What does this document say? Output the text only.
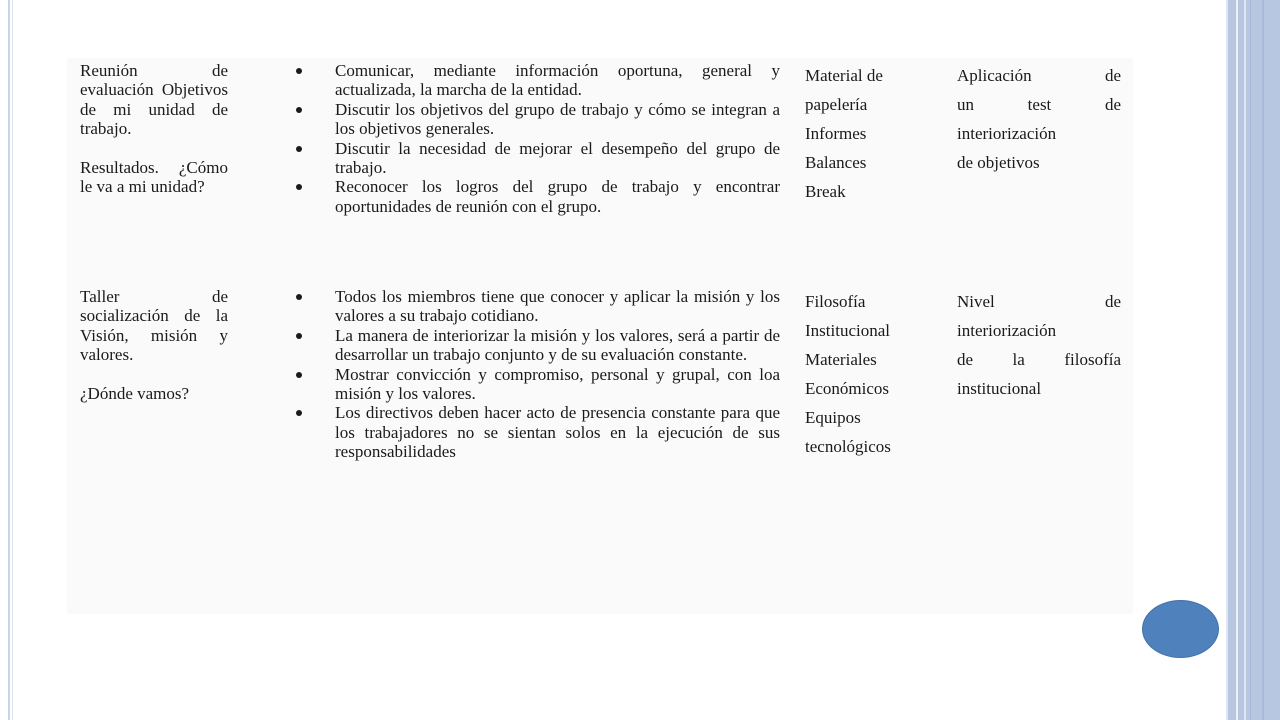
Reunión de evaluación Objetivos de mi unidad de trabajo.

Resultados. ¿Cómo le va a mi unidad?

Comunicar, mediante información oportuna, general y actualizada, la marcha de la entidad.
Discutir los objetivos del grupo de trabajo y cómo se integran a los objetivos generales.
Discutir la necesidad de mejorar el desempeño del grupo de trabajo.
Reconocer los logros del grupo de trabajo y encontrar oportunidades de reunión con el grupo.
Material de
papelería
Informes
Balances
Break
Aplicación de
un test de
interiorización
de objetivos

Taller de socialización de la Visión, misión y valores.

¿Dónde vamos?

Todos los miembros tiene que conocer y aplicar la misión y los valores a su trabajo cotidiano.
La manera de interiorizar la misión y los valores, será a partir de desarrollar un trabajo conjunto y de su evaluación constante.
Mostrar convicción y compromiso, personal y grupal, con loa misión y los valores.
Los directivos deben hacer acto de presencia constante para que los trabajadores no se sientan solos en la ejecución de sus responsabilidades
Filosofía
Institucional
Materiales
Económicos
Equipos
tecnológicos
Nivel de
interiorización
de la filosofía
institucional
